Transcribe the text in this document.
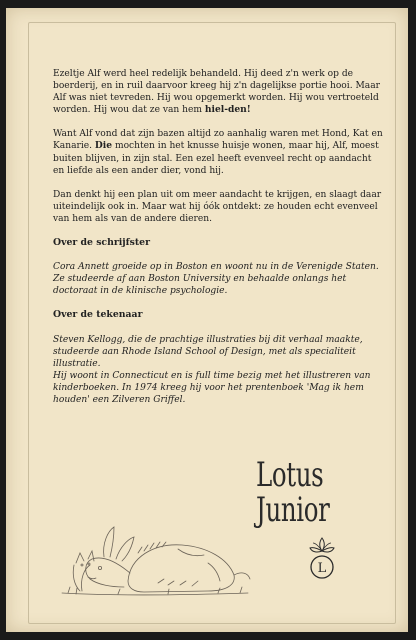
Ezeltje Alf werd heel redelijk behandeld. Hij deed z'n werk op de boerderij, en in ruil daarvoor kreeg hij z'n dagelijkse portie hooi. Maar Alf was niet tevreden. Hij wou opgemerkt worden. Hij wou vertroeteld worden. Hij wou dat ze van hem hiel-den!

Want Alf vond dat zijn bazen altijd zo aanhalig waren met Hond, Kat en Kanarie. Die mochten in het knusse huisje wonen, maar hij, Alf, moest buiten blijven, in zijn stal. Een ezel heeft evenveel recht op aandacht en liefde als een ander dier, vond hij.

Dan denkt hij een plan uit om meer aandacht te krijgen, en slaagt daar uiteindelijk ook in. Maar wat hij óók ontdekt: ze houden echt evenveel van hem als van de andere dieren.

Over de schrijfster

Cora Annett groeide op in Boston en woont nu in de Verenigde Staten. Ze studeerde af aan Boston University en behaalde onlangs het doctoraat in de klinische psychologie.

Over de tekenaar

Steven Kellogg, die de prachtige illustraties bij dit verhaal maakte, studeerde aan Rhode Island School of Design, met als specialiteit illustratie.

Hij woont in Connecticut en is full time bezig met het illustreren van kinderboeken. In 1974 kreeg hij voor het prentenboek 'Mag ik hem houden' een Zilveren Griffel.

Lotus
Junior
L
